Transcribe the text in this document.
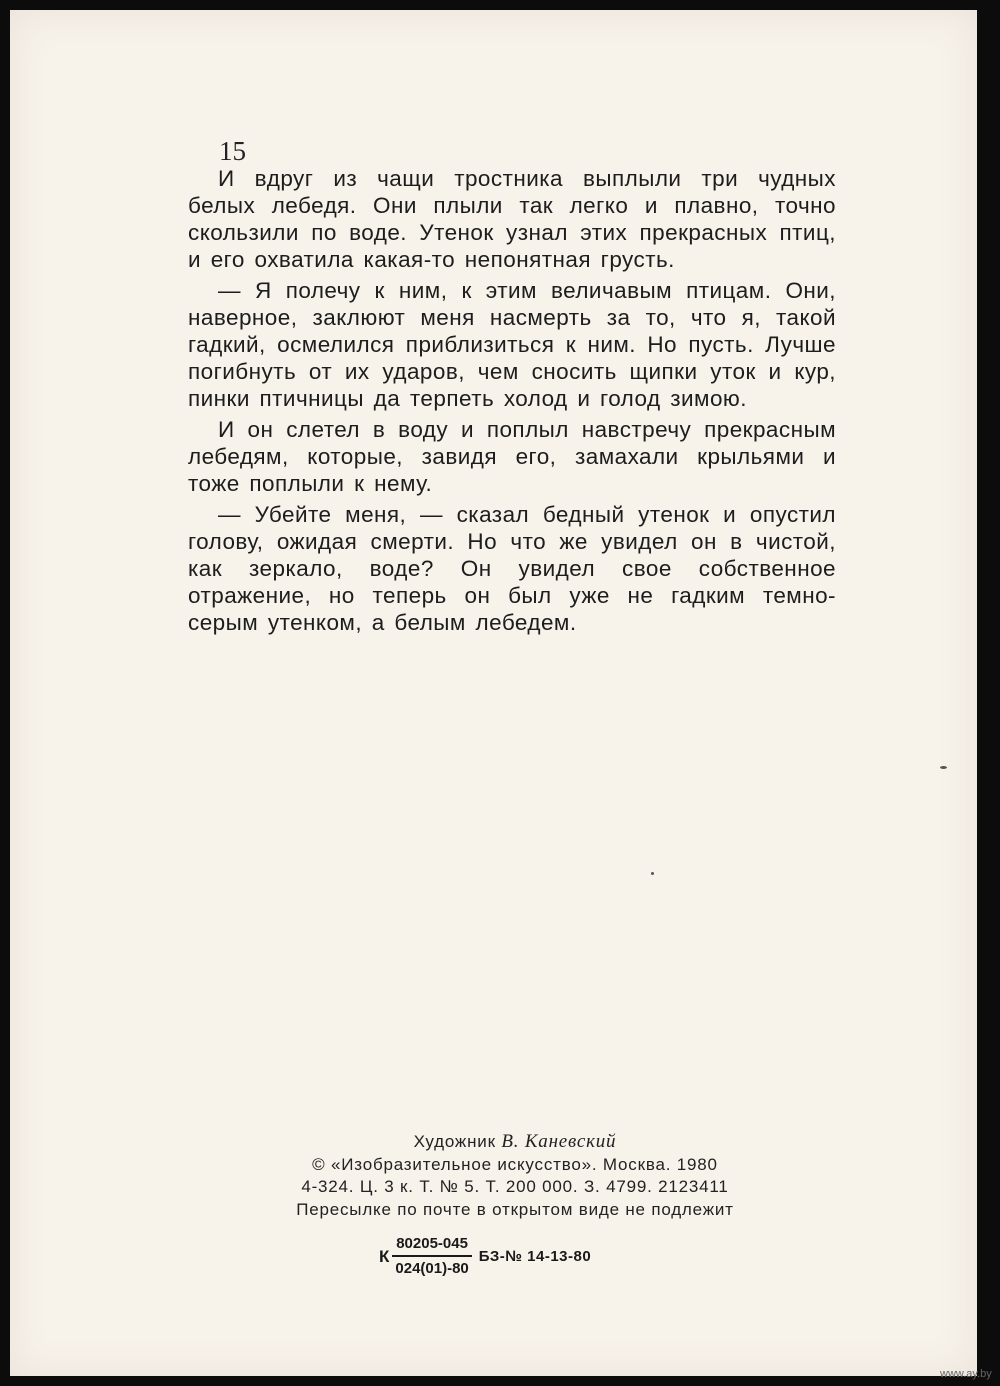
15

И вдруг из чащи тростника выплыли три чудных белых лебедя. Они плыли так легко и плавно, точно скользили по воде. Утенок узнал этих прекрасных птиц, и его охватила какая-то непонятная грусть.

— Я полечу к ним, к этим величавым птицам. Они, наверное, заклюют меня насмерть за то, что я, такой гадкий, осмелился приблизиться к ним. Но пусть. Лучше погибнуть от их ударов, чем сносить щипки уток и кур, пинки птичницы да терпеть холод и голод зимою.

И он слетел в воду и поплыл навстречу прекрасным лебедям, которые, завидя его, замахали крыльями и тоже поплыли к нему.

— Убейте меня, — сказал бедный утенок и опустил голову, ожидая смерти. Но что же увидел он в чистой, как зеркало, воде? Он увидел свое собственное отражение, но теперь он был уже не гадким темно-серым утенком, а белым лебедем.

Художник В. Каневский
© «Изобразительное искусство». Москва. 1980
4-324. Ц. 3 к. Т. № 5. Т. 200 000. З. 4799. 2123411
Пересылке по почте в открытом виде не подлежит
К $\frac{80205-045}{024(01)-80}$ БЗ-№ 14-13-80
www.ay.by
